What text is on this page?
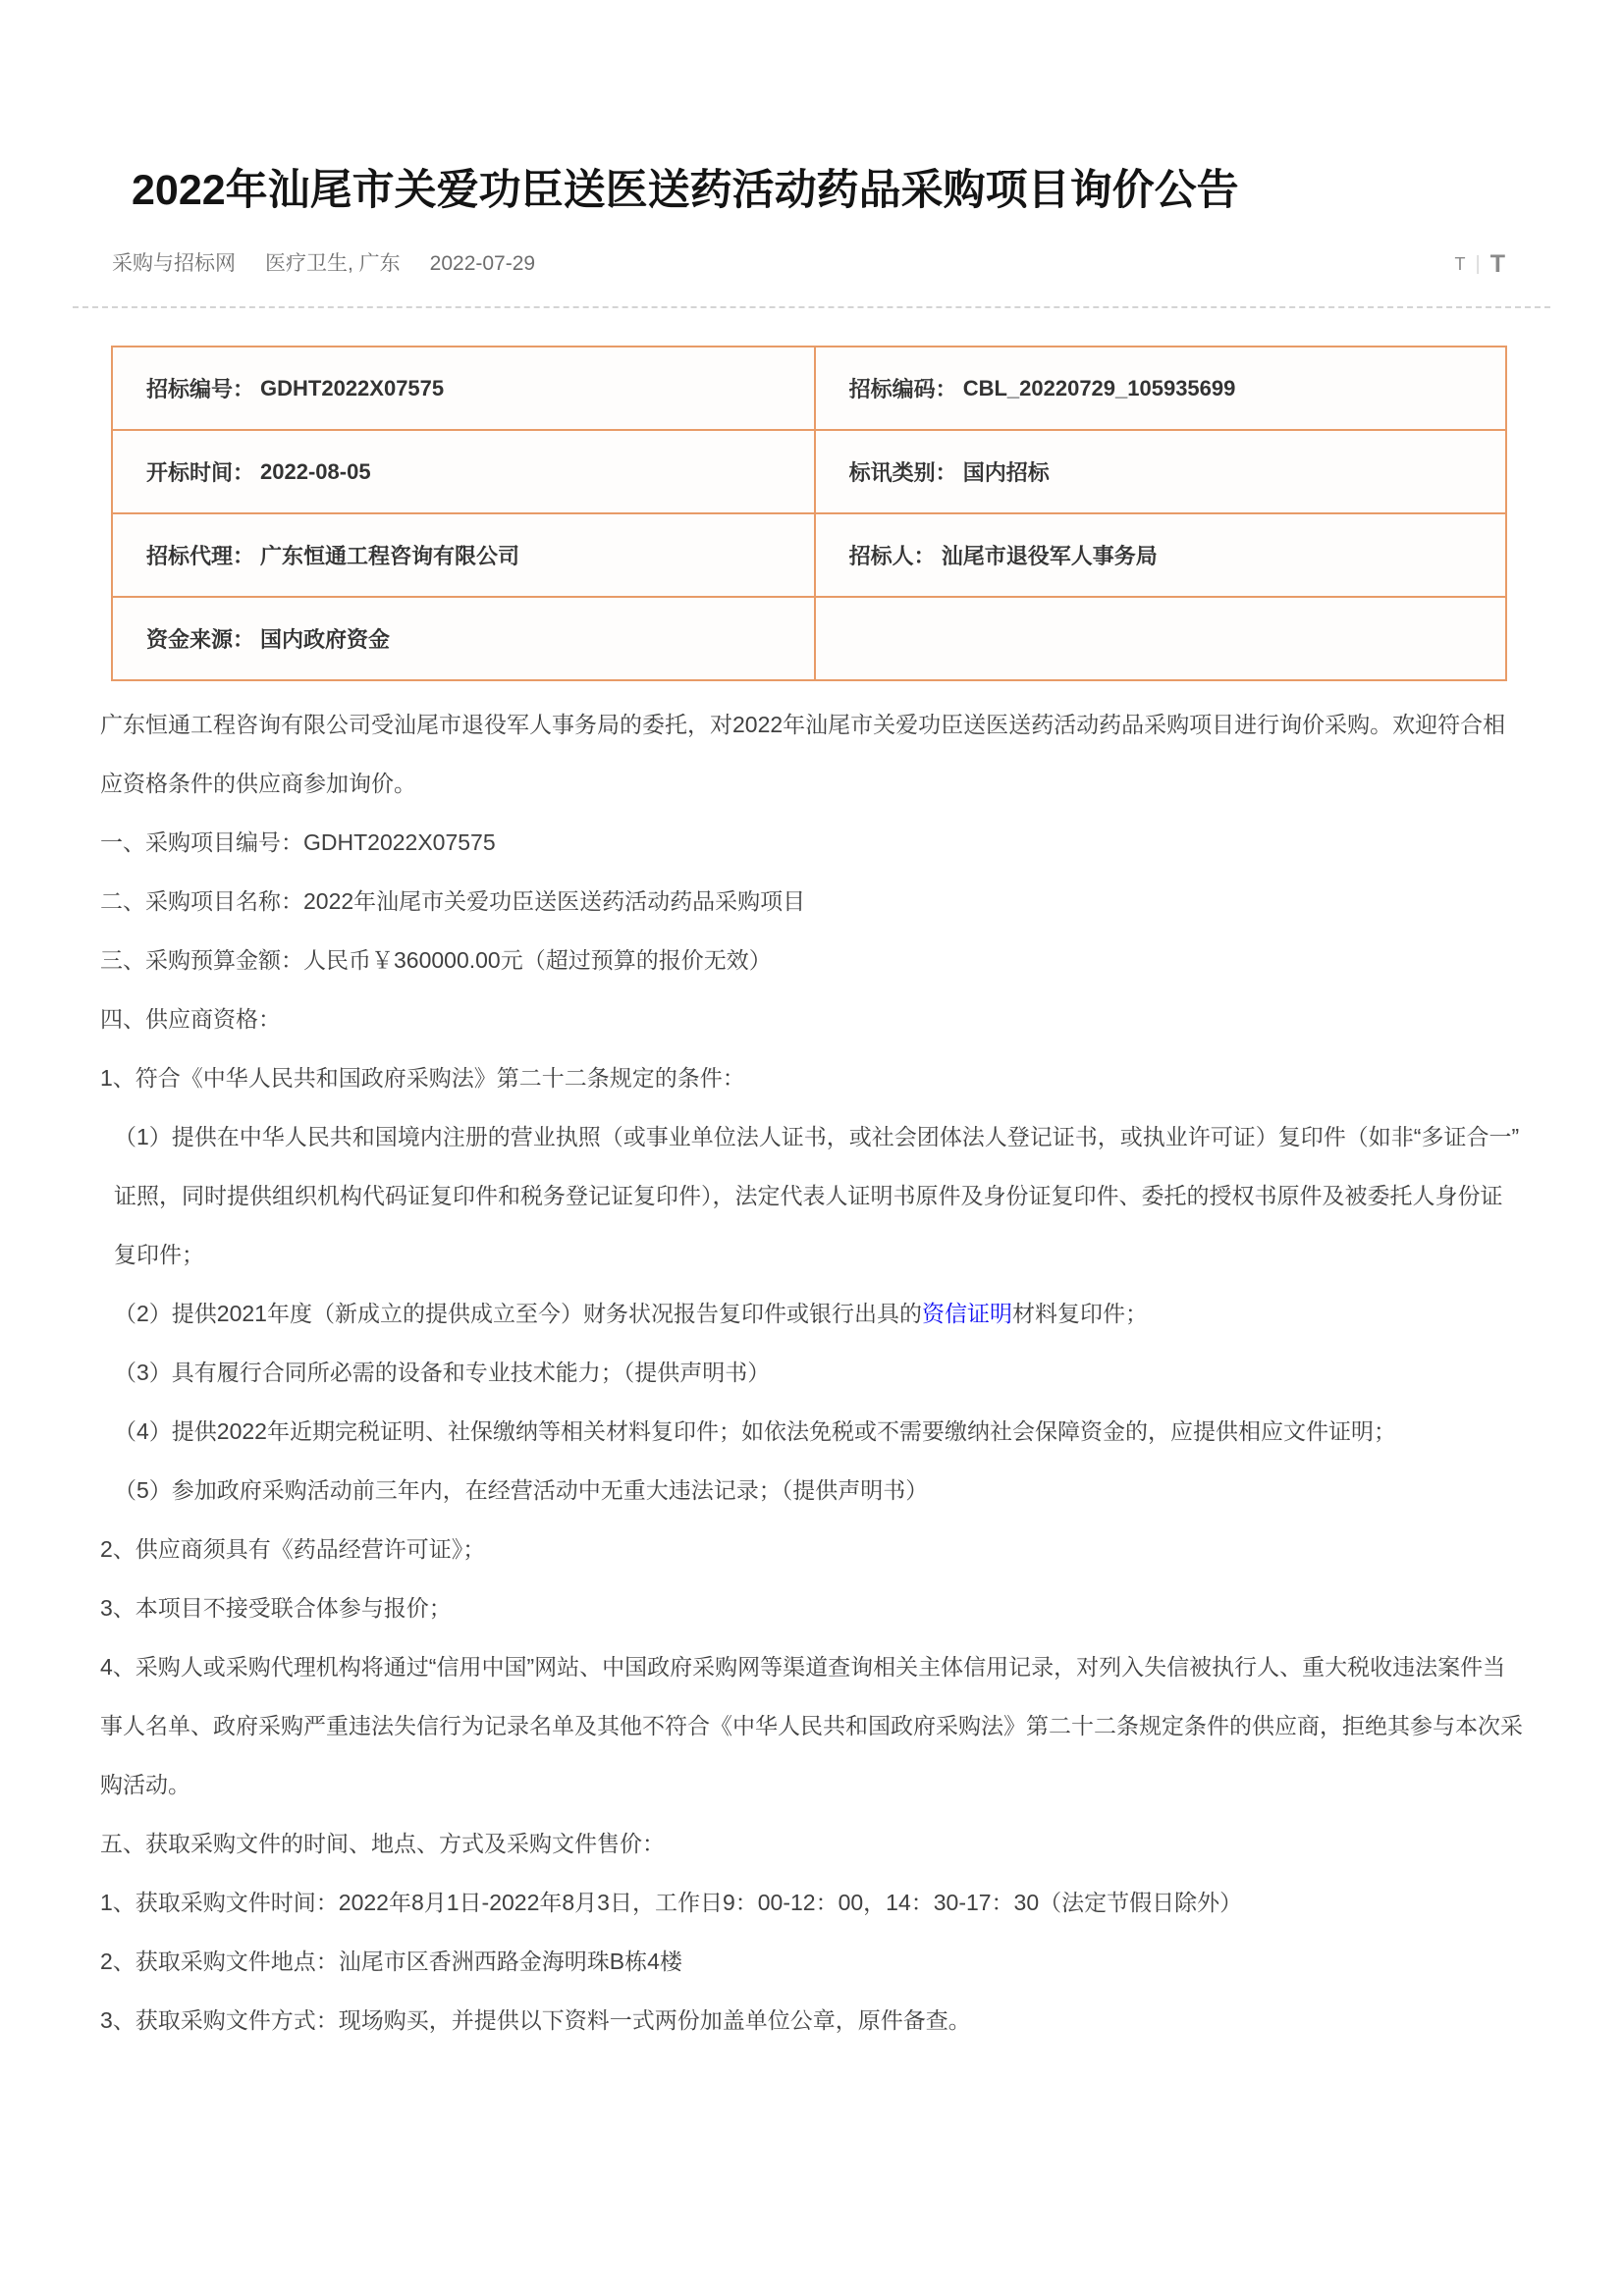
2022年汕尾市关爱功臣送医送药活动药品采购项目询价公告
采购与招标网 医疗卫生, 广东 2022-07-29	T | T
招标编号： GDHT2022X07575	招标编码： CBL_20220729_105935699

开标时间： 2022-08-05	标讯类别： 国内招标

招标代理： 广东恒通工程咨询有限公司	招标人： 汕尾市退役军人事务局

资金来源： 国内政府资金	

广东恒通工程咨询有限公司受汕尾市退役军人事务局的委托，对2022年汕尾市关爱功臣送医送药活动药品采购项目进行询价采购。欢迎符合相应资格条件的供应商参加询价。

一、采购项目编号：GDHT2022X07575

二、采购项目名称：2022年汕尾市关爱功臣送医送药活动药品采购项目

三、采购预算金额：人民币￥360000.00元（超过预算的报价无效）

四、供应商资格：

1、符合《中华人民共和国政府采购法》第二十二条规定的条件：

（1）提供在中华人民共和国境内注册的营业执照（或事业单位法人证书，或社会团体法人登记证书，或执业许可证）复印件（如非“多证合一”证照，同时提供组织机构代码证复印件和税务登记证复印件），法定代表人证明书原件及身份证复印件、委托的授权书原件及被委托人身份证复印件；

（2）提供2021年度（新成立的提供成立至今）财务状况报告复印件或银行出具的资信证明材料复印件；

（3）具有履行合同所必需的设备和专业技术能力；（提供声明书）

（4）提供2022年近期完税证明、社保缴纳等相关材料复印件；如依法免税或不需要缴纳社会保障资金的，应提供相应文件证明；

（5）参加政府采购活动前三年内，在经营活动中无重大违法记录；（提供声明书）

2、供应商须具有《药品经营许可证》；

3、本项目不接受联合体参与报价；

4、采购人或采购代理机构将通过“信用中国”网站、中国政府采购网等渠道查询相关主体信用记录，对列入失信被执行人、重大税收违法案件当事人名单、政府采购严重违法失信行为记录名单及其他不符合《中华人民共和国政府采购法》第二十二条规定条件的供应商，拒绝其参与本次采购活动。

五、获取采购文件的时间、地点、方式及采购文件售价：

1、获取采购文件时间：2022年8月1日-2022年8月3日，工作日9：00-12：00，14：30-17：30（法定节假日除外）

2、获取采购文件地点：汕尾市区香洲西路金海明珠B栋4楼

3、获取采购文件方式：现场购买，并提供以下资料一式两份加盖单位公章，原件备查。
